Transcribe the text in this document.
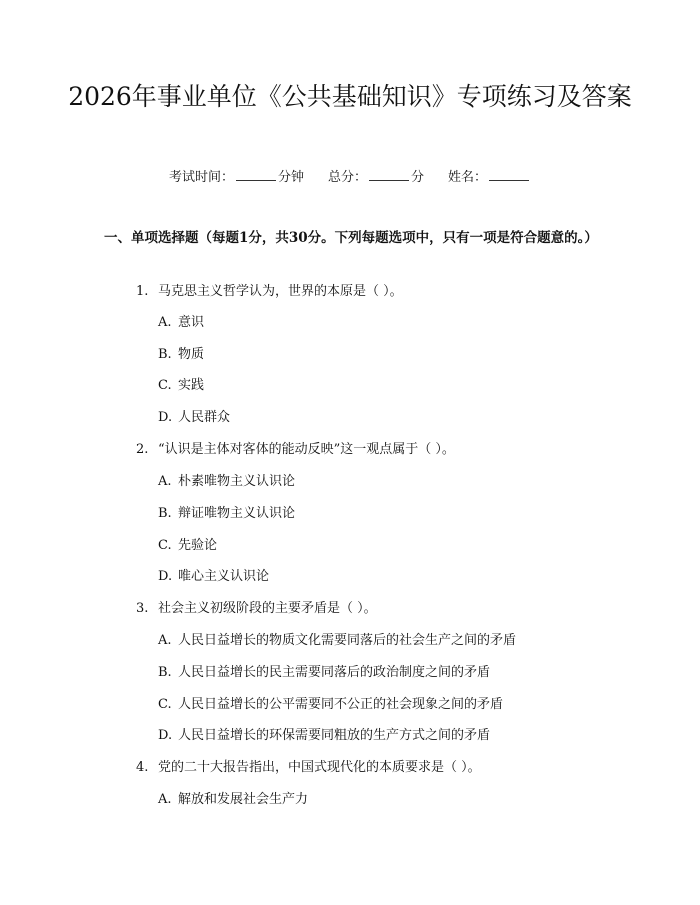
2026年事业单位《公共基础知识》专项练习及答案
考试时间：	分钟 总分：	分 姓名：
一、单项选择题（每题1分，共30分。下列每题选项中，只有一项是符合题意的。）
1. 马克思主义哲学认为，世界的本原是（ ）。
A. 意识
B. 物质
C. 实践
D. 人民群众
2. “认识是主体对客体的能动反映”这一观点属于（ ）。
A. 朴素唯物主义认识论
B. 辩证唯物主义认识论
C. 先验论
D. 唯心主义认识论
3. 社会主义初级阶段的主要矛盾是（ ）。
A. 人民日益增长的物质文化需要同落后的社会生产之间的矛盾
B. 人民日益增长的民主需要同落后的政治制度之间的矛盾
C. 人民日益增长的公平需要同不公正的社会现象之间的矛盾
D. 人民日益增长的环保需要同粗放的生产方式之间的矛盾
4. 党的二十大报告指出，中国式现代化的本质要求是（ ）。
A. 解放和发展社会生产力
